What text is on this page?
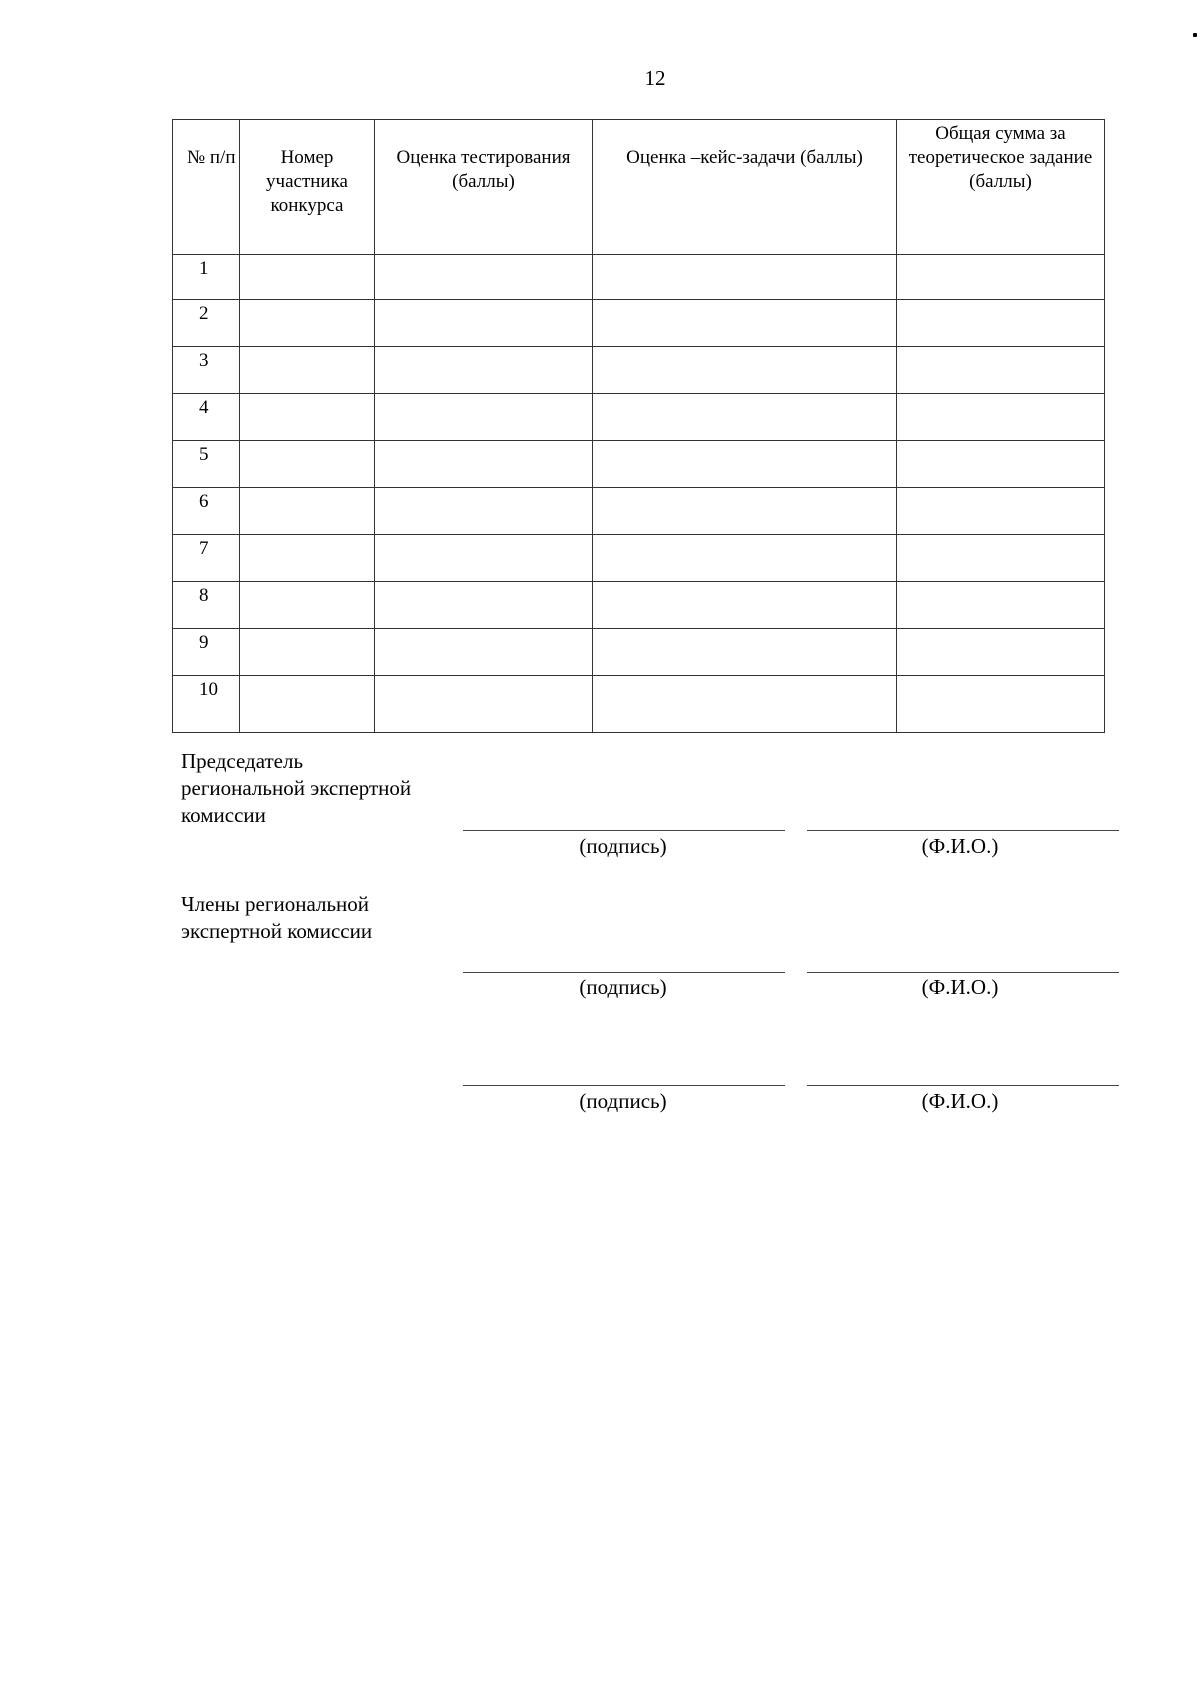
12
№ п/п	Номер участника конкурса	Оценка тестирования (баллы)	Оценка –кейс-задачи (баллы)	Общая сумма за теоретическое задание (баллы)
1				
2				
3				
4				
5				
6				
7				
8				
9				
10				
Председатель региональной экспертной комиссии
(подпись)	(Ф.И.О.)
Члены региональной экспертной комиссии
(подпись)	(Ф.И.О.)
(подпись)	(Ф.И.О.)
